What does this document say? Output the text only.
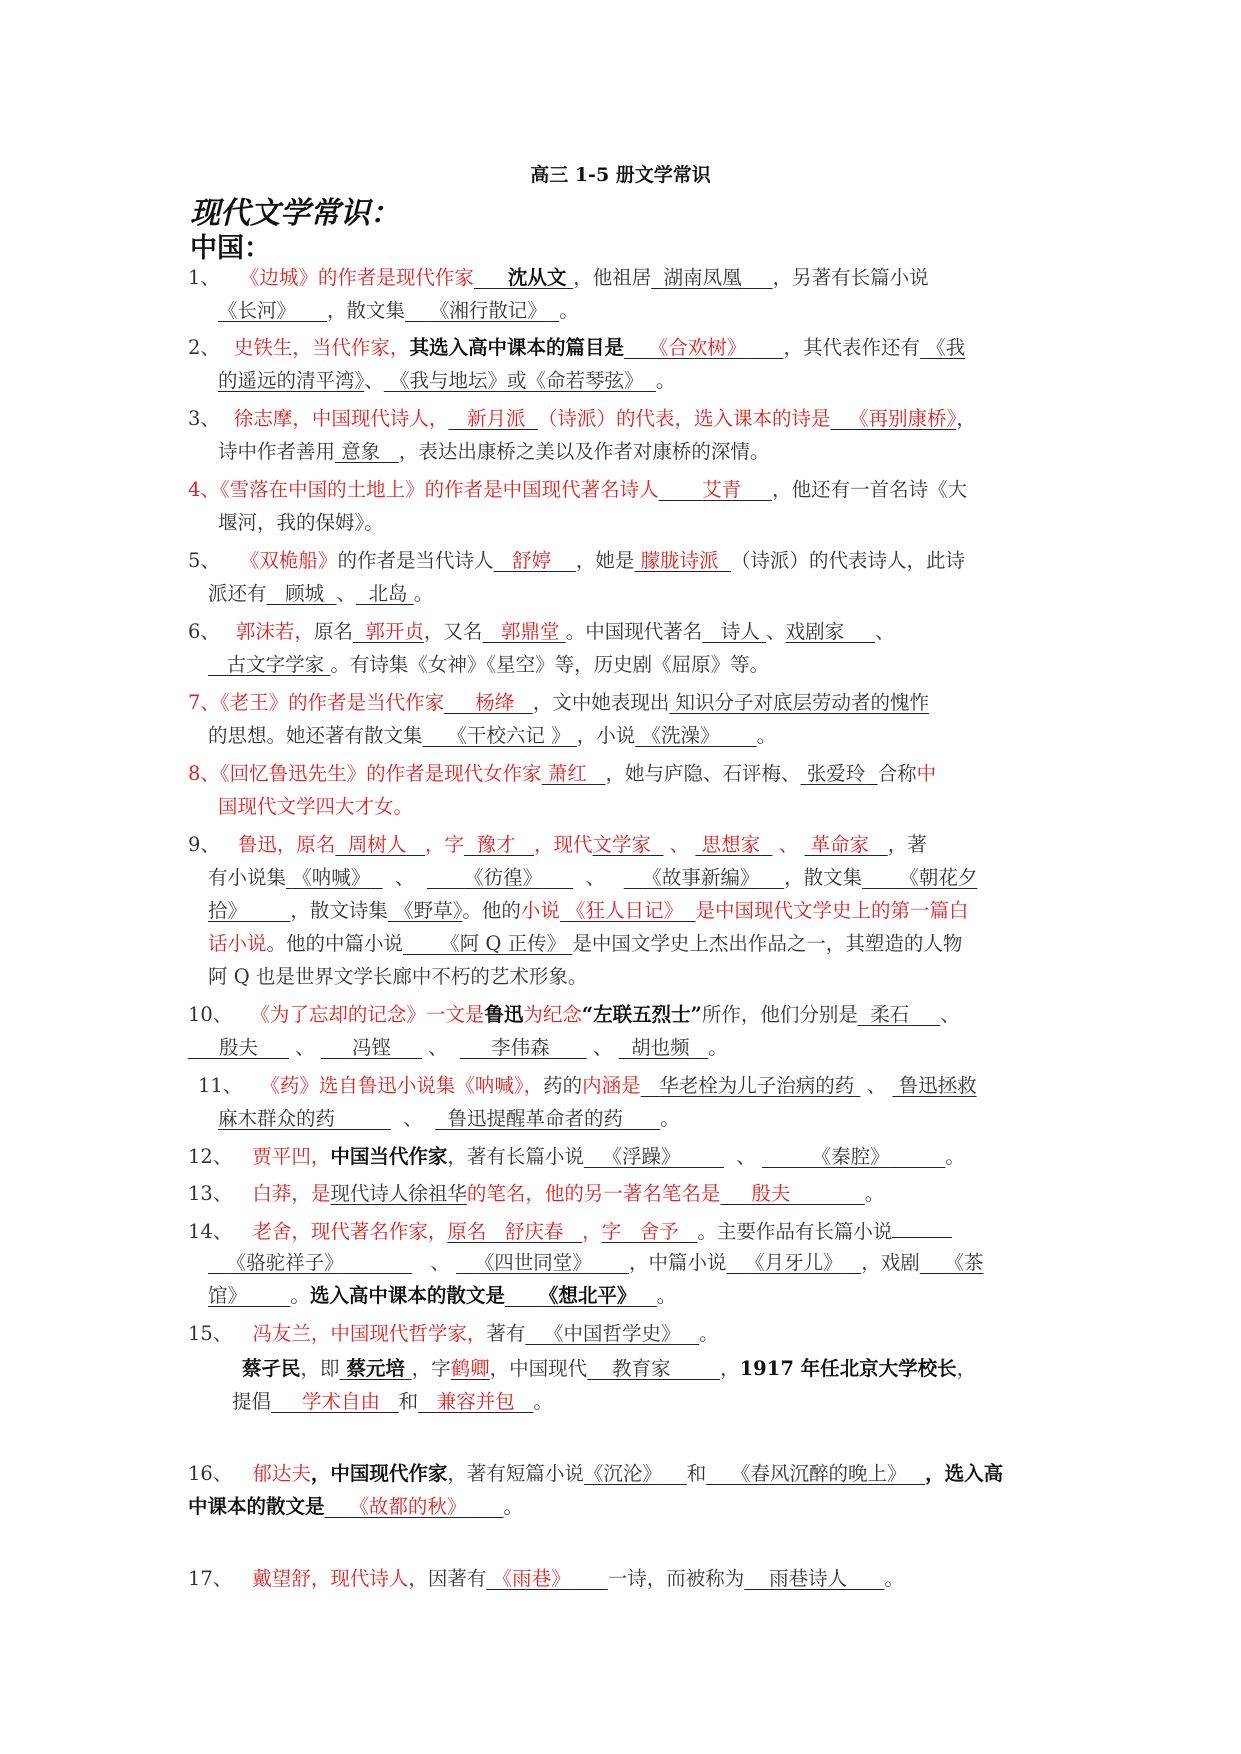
高三 1-5 册文学常识
现代文学常识：
中国：
1、 《边城》的作者是现代作家 沈从文 ，他祖居 湖南凤凰 ，另著有长篇小说
《长河》 ，散文集 《湘行散记》 。
2、 史铁生，当代作家，其选入高中课本的篇目是 《合欢树》 ，其代表作还有 《我
的遥远的清平湾》、 《我与地坛》或《命若琴弦》 。
3、 徐志摩，中国现代诗人， 新月派 （诗派）的代表，选入课本的诗是 《再别康桥》，
诗中作者善用 意象 ，表达出康桥之美以及作者对康桥的深情。
4、《雪落在中国的土地上》的作者是中国现代著名诗人 艾青 ，他还有一首名诗《大
堰河，我的保姆》。
5、 《双桅船》的作者是当代诗人 舒婷 ，她是 朦胧诗派 （诗派）的代表诗人，此诗
派还有 顾城 、 北岛 。
6、 郭沫若，原名 郭开贞，又名 郭鼎堂 。中国现代著名 诗人 、戏剧家 、
古文字学家 。有诗集《女神》《星空》等，历史剧《屈原》等。
7、《老王》的作者是当代作家 杨绛 ，文中她表现出 知识分子对底层劳动者的愧怍
的思想。她还著有散文集 《干校六记 》 ，小说 《洗澡》 。
8、《回忆鲁迅先生》的作者是现代女作家 萧红 ，她与庐隐、石评梅、 张爱玲 合称中
国现代文学四大才女。
9、 鲁迅，原名 周树人 ，字 豫才 ，现代文学家 、 思想家 、 革命家 ，著
有小说集 《呐喊》 、	《彷徨》 、 《故事新编》 ，散文集 《朝花夕
拾》 ，散文诗集 《野草》。他的小说 《狂人日记》 是中国现代文学史上的第一篇白
话小说。他的中篇小说 《阿 Q 正传》 是中国文学史上杰出作品之一，其塑造的人物
阿 Q 也是世界文学长廊中不朽的艺术形象。
10、 《为了忘却的记念》一文是鲁迅为纪念“左联五烈士”所作，他们分别是 柔石 、
殷夫 、 冯铿 、 李伟森 、 胡也频 。
11、 《药》选自鲁迅小说集《呐喊》，药的内涵是 华老栓为儿子治病的药 、 鲁迅拯救
麻木群众的药	、 鲁迅提醒革命者的药 。
12、 贾平凹，中国当代作家，著有长篇小说 《浮躁》	、	《秦腔》	。
13、 白莽，是现代诗人徐祖华的笔名，他的另一著名笔名是 殷夫	。
14、 老舍，现代著名作家，原名 舒庆春 ，字 舍予 。主要作品有长篇小说
《骆驼祥子》	、 《四世同堂》 ，中篇小说 《月牙儿》 ，戏剧 《茶
馆》 。选入高中课本的散文是 《想北平》 。
15、 冯友兰，中国现代哲学家，著有 《中国哲学史》 。
蔡孑民，即 蔡元培 ，字鹤卿，中国现代 教育家	，1917 年任北京大学校长，
提倡 学术自由 和 兼容并包 。
16、 郁达夫，中国现代作家，著有短篇小说《沉沦》 和 《春风沉醉的晚上》 ，选入高
中课本的散文是 《故都的秋》 。
17、 戴望舒，现代诗人，因著有 《雨巷》 一诗，而被称为 雨巷诗人 。
